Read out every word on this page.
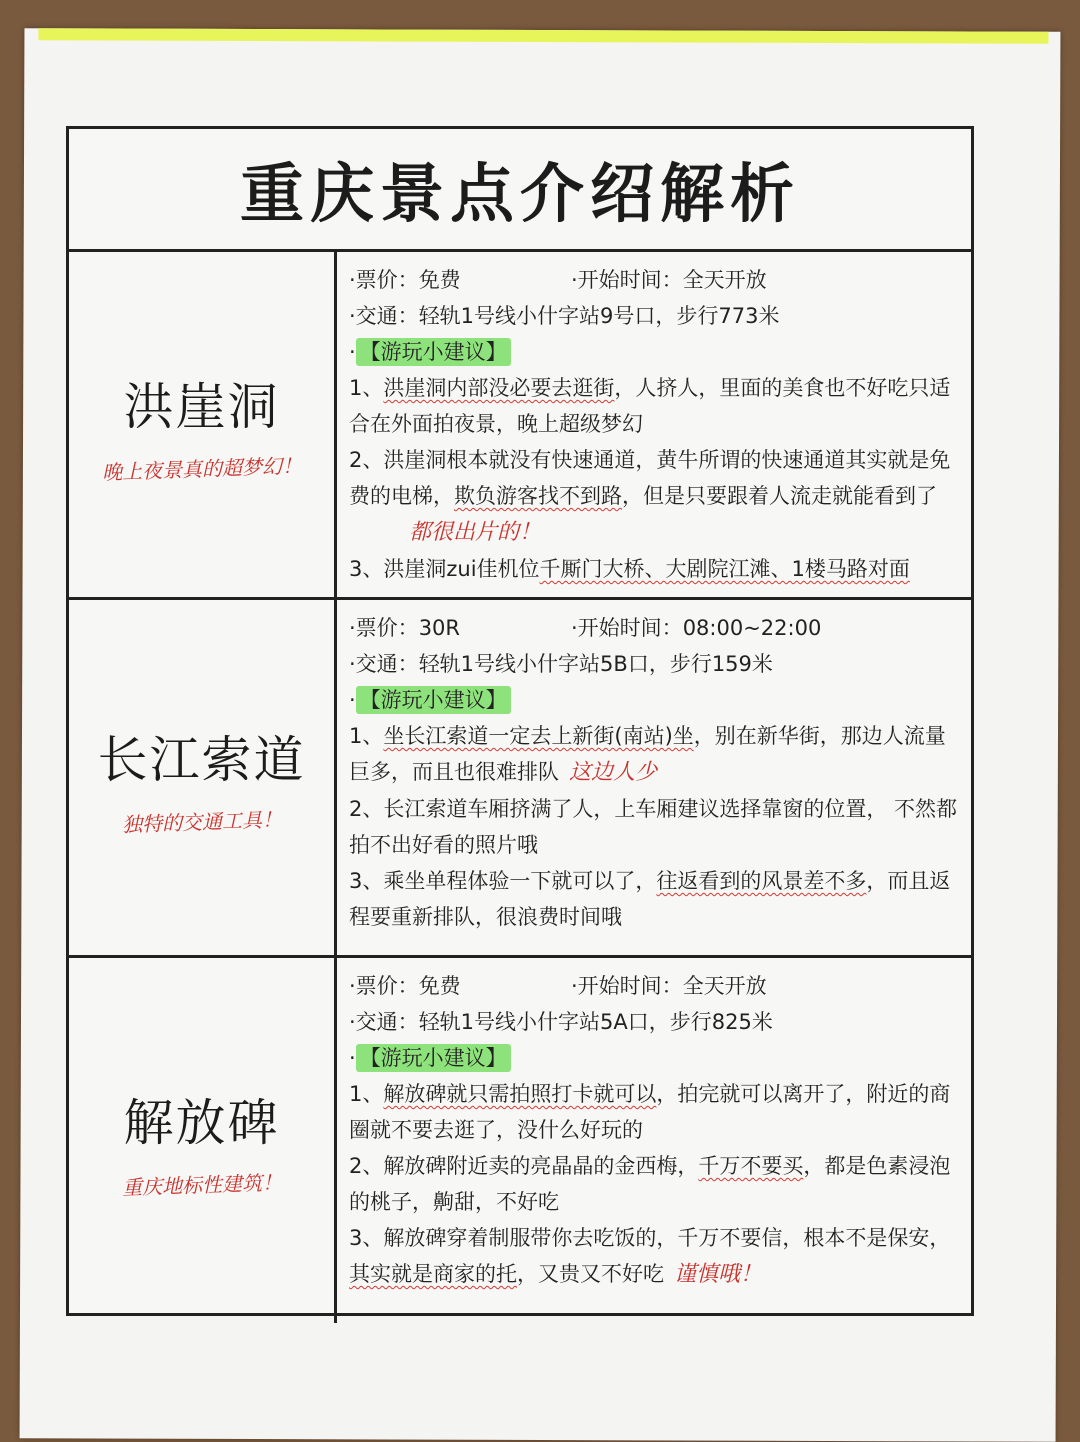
重庆景点介绍解析
洪崖洞
晚上夜景真的超梦幻！
·票价：免费	·开始时间：全天开放
·交通：轻轨1号线小什字站9号口，步行773米
· 【游玩小建议】
1、洪崖洞内部没必要去逛街，人挤人，里面的美食也不好吃只适合在外面拍夜景，晚上超级梦幻
2、洪崖洞根本就没有快速通道，黄牛所谓的快速通道其实就是免费的电梯，欺负游客找不到路，但是只要跟着人流走就能看到了都很出片的！
3、洪崖洞zui佳机位千厮门大桥、大剧院江滩、1楼马路对面
长江索道
独特的交通工具！
·票价：30R	·开始时间：08:00~22:00
·交通：轻轨1号线小什字站5B口，步行159米
· 【游玩小建议】
1、坐长江索道一定去上新街(南站)坐，别在新华街，那边人流量巨多，而且也很难排队 这边人少
2、长江索道车厢挤满了人，上车厢建议选择靠窗的位置， 不然都拍不出好看的照片哦
3、乘坐单程体验一下就可以了，往返看到的风景差不多，而且返程要重新排队，很浪费时间哦
解放碑
重庆地标性建筑！
·票价：免费	·开始时间：全天开放
·交通：轻轨1号线小什字站5A口，步行825米
· 【游玩小建议】
1、解放碑就只需拍照打卡就可以，拍完就可以离开了，附近的商圈就不要去逛了，没什么好玩的
2、解放碑附近卖的亮晶晶的金西梅，千万不要买，都是色素浸泡的桃子，齁甜，不好吃
3、解放碑穿着制服带你去吃饭的，千万不要信，根本不是保安，其实就是商家的托，又贵又不好吃 谨慎哦！
